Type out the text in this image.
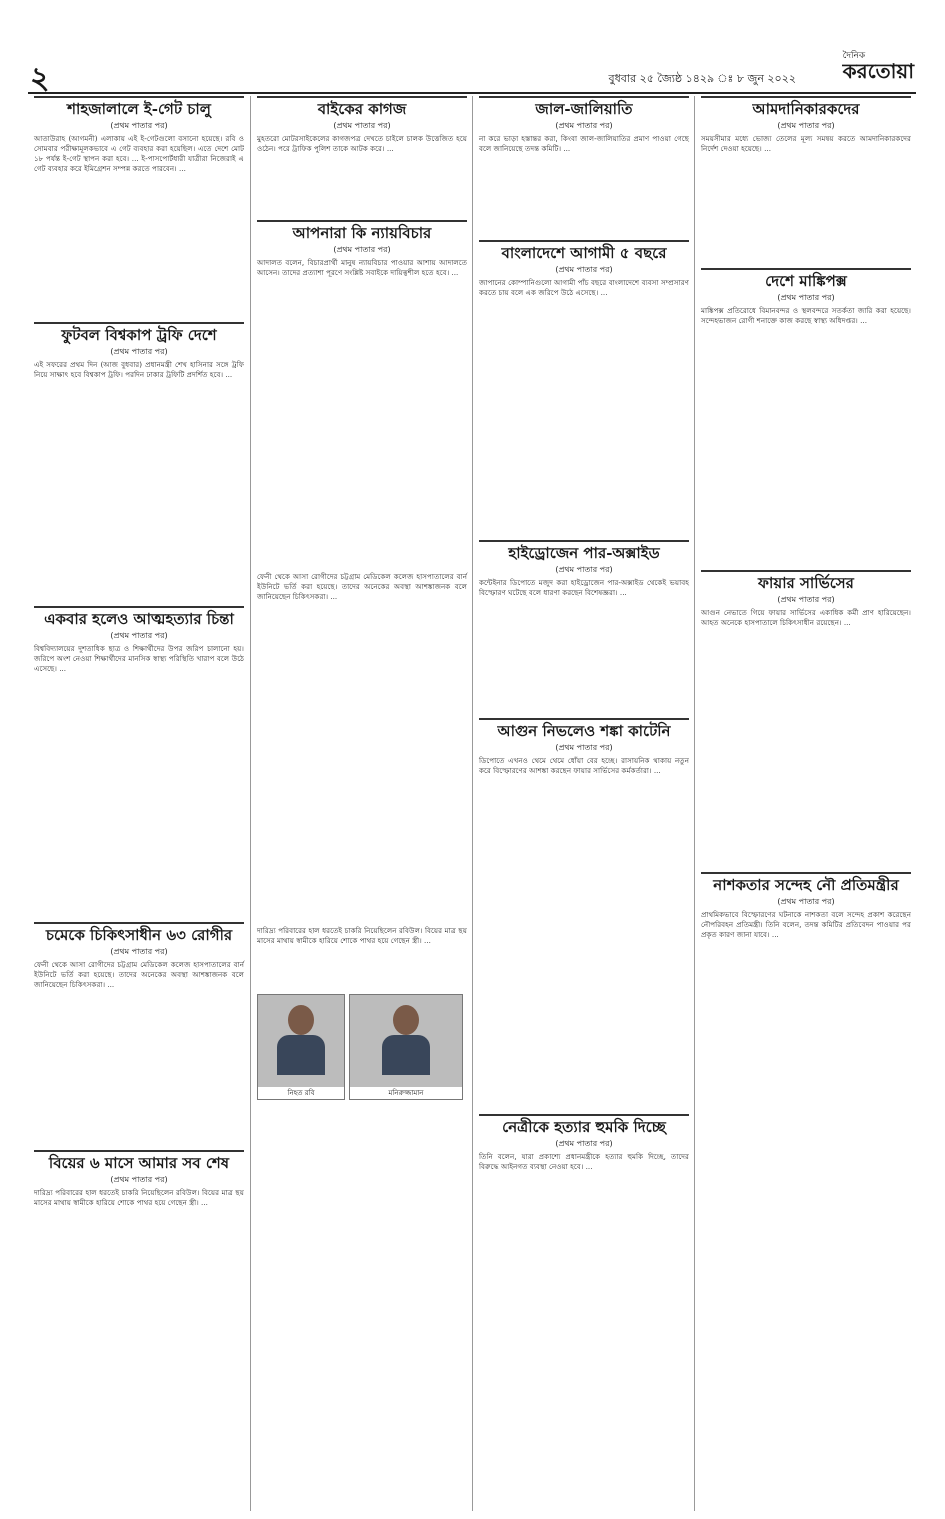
২	বুধবার ২৫ জ্যৈষ্ঠ ১৪২৯ ঃ ৮ জুন ২০২২
দৈনিক
করতোয়া
শাহজালালে ই-গেট চালু
(প্রথম পাতার পর)
আতাউরাহ (আগমনী) এলাকায় এই ই-গেটগুলো বসানো হয়েছে। রবি ও সোমবার পরীক্ষামূলকভাবে এ গেট ব্যবহার করা হয়েছিল। এতে দেশে মোট ১৮ পর্যন্ত ই-গেট স্থাপন করা হবে। ... ই-পাসপোর্টধারী যাত্রীরা নিজেরাই এ গেট ব্যবহার করে ইমিগ্রেশন সম্পন্ন করতে পারবেন। ...
ফুটবল বিশ্বকাপ ট্রফি দেশে
(প্রথম পাতার পর)
এই সফরের প্রথম দিন (আজ বুধবার) প্রধানমন্ত্রী শেখ হাসিনার সঙ্গে ট্রফি নিয়ে সাক্ষাৎ হবে বিশ্বকাপ ট্রফি। পরদিন ঢাকার ট্রফিটি প্রদর্শিত হবে। ...
একবার হলেও আত্মহত্যার চিন্তা
(প্রথম পাতার পর)
বিশ্ববিদ্যালয়ের দুশতাধিক ছাত্র ও শিক্ষার্থীদের উপর জরিপ চালানো হয়। জরিপে অংশ নেওয়া শিক্ষার্থীদের মানসিক স্বাস্থ্য পরিস্থিতি খারাপ বলে উঠে এসেছে। ...
চমেকে চিকিৎসাধীন ৬৩ রোগীর
(প্রথম পাতার পর)
ফেনী থেকে আসা রোগীদের চট্টগ্রাম মেডিকেল কলেজ হাসপাতালের বার্ন ইউনিটে ভর্তি করা হয়েছে। তাদের অনেকের অবস্থা আশঙ্কাজনক বলে জানিয়েছেন চিকিৎসকরা। ...
বিয়ের ৬ মাসে আমার সব শেষ
(প্রথম পাতার পর)
দারিদ্র্য পরিবারের হাল ধরতেই চাকরি নিয়েছিলেন রবিউল। বিয়ের মাত্র ছয় মাসের মাথায় স্বামীকে হারিয়ে শোকে পাথর হয়ে গেছেন স্ত্রী। ...
বাইকের কাগজ
(প্রথম পাতার পর)
মুহতরো মোটরসাইকেলের কাগজপত্র দেখতে চাইলে চালক উত্তেজিত হয়ে ওঠেন। পরে ট্রাফিক পুলিশ তাকে আটক করে। ...
আপনারা কি ন্যায়বিচার
(প্রথম পাতার পর)
আদালত বলেন, বিচারপ্রার্থী মানুষ ন্যায়বিচার পাওয়ার আশায় আদালতে আসেন। তাদের প্রত্যাশা পূরণে সংশ্লিষ্ট সবাইকে দায়িত্বশীল হতে হবে। ...
ফেনী থেকে আসা রোগীদের চট্টগ্রাম মেডিকেল কলেজ হাসপাতালের বার্ন ইউনিটে ভর্তি করা হয়েছে। তাদের অনেকের অবস্থা আশঙ্কাজনক বলে জানিয়েছেন চিকিৎসকরা। ...
দারিদ্র্য পরিবারের হাল ধরতেই চাকরি নিয়েছিলেন রবিউল। বিয়ের মাত্র ছয় মাসের মাথায় স্বামীকে হারিয়ে শোকে পাথর হয়ে গেছেন স্ত্রী। ...
নিহত রবি	মনিরুজ্জামান
জাল-জালিয়াতি
(প্রথম পাতার পর)
না করে ভাড়া হস্তান্তর করা, কিংবা জাল-জালিয়াতির প্রমাণ পাওয়া গেছে বলে জানিয়েছে তদন্ত কমিটি। ...
বাংলাদেশে আগামী ৫ বছরে
(প্রথম পাতার পর)
জাপানের কোম্পানিগুলো আগামী পাঁচ বছরে বাংলাদেশে ব্যবসা সম্প্রসারণ করতে চায় বলে এক জরিপে উঠে এসেছে। ...
হাইড্রোজেন পার-অক্সাইড
(প্রথম পাতার পর)
কন্টেইনার ডিপোতে মজুদ করা হাইড্রোজেন পার-অক্সাইড থেকেই ভয়াবহ বিস্ফোরণ ঘটেছে বলে ধারণা করছেন বিশেষজ্ঞরা। ...
আগুন নিভলেও শঙ্কা কাটেনি
(প্রথম পাতার পর)
ডিপোতে এখনও থেমে থেমে ধোঁয়া বের হচ্ছে। রাসায়নিক থাকায় নতুন করে বিস্ফোরণের আশঙ্কা করছেন ফায়ার সার্ভিসের কর্মকর্তারা। ...
নেত্রীকে হত্যার হুমকি দিচ্ছে
(প্রথম পাতার পর)
তিনি বলেন, যারা প্রকাশ্যে প্রধানমন্ত্রীকে হত্যার হুমকি দিচ্ছে, তাদের বিরুদ্ধে আইনগত ব্যবস্থা নেওয়া হবে। ...
আমদানিকারকদের
(প্রথম পাতার পর)
সময়সীমার মধ্যে ভোজ্য তেলের মূল্য সমন্বয় করতে আমদানিকারকদের নির্দেশ দেওয়া হয়েছে। ...
দেশে মাঙ্কিপক্স
(প্রথম পাতার পর)
মাঙ্কিপক্স প্রতিরোধে বিমানবন্দর ও স্থলবন্দরে সতর্কতা জারি করা হয়েছে। সন্দেহভাজন রোগী শনাক্তে কাজ করছে স্বাস্থ্য অধিদপ্তর। ...
ফায়ার সার্ভিসের
(প্রথম পাতার পর)
আগুন নেভাতে গিয়ে ফায়ার সার্ভিসের একাধিক কর্মী প্রাণ হারিয়েছেন। আহত অনেকে হাসপাতালে চিকিৎসাধীন রয়েছেন। ...
নাশকতার সন্দেহ নৌ প্রতিমন্ত্রীর
(প্রথম পাতার পর)
প্রাথমিকভাবে বিস্ফোরণের ঘটনাকে নাশকতা বলে সন্দেহ প্রকাশ করেছেন নৌপরিবহন প্রতিমন্ত্রী। তিনি বলেন, তদন্ত কমিটির প্রতিবেদন পাওয়ার পর প্রকৃত কারণ জানা যাবে। ...
